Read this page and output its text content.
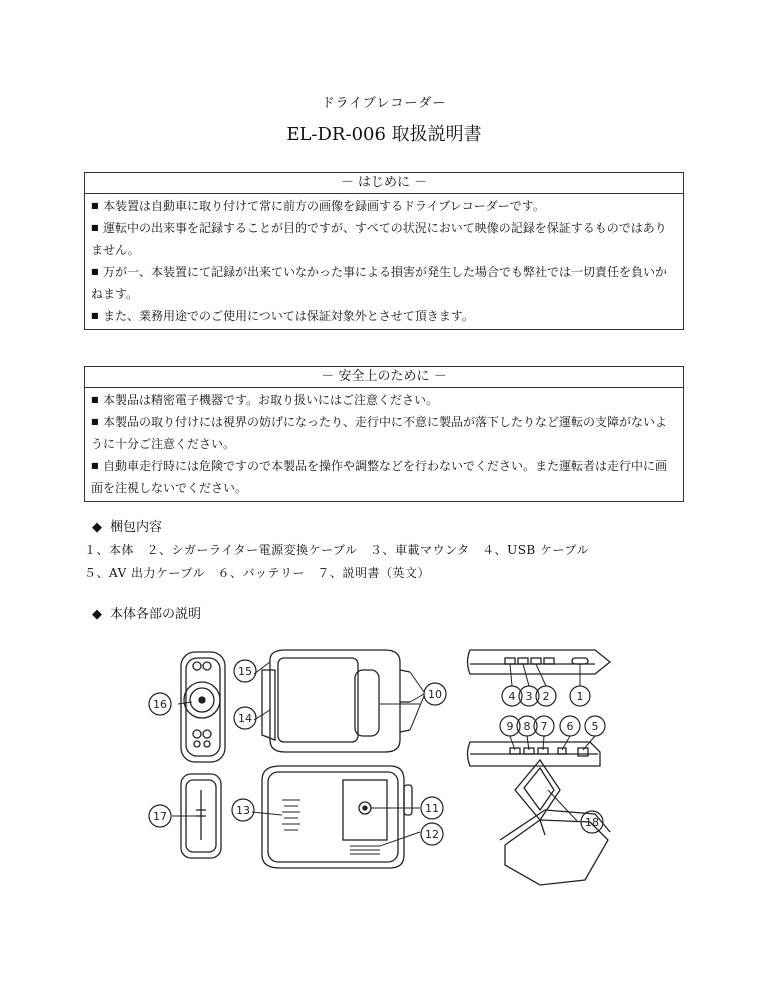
ドライブレコーダー
EL-DR-006 取扱説明書
－ はじめに －

■ 本装置は自動車に取り付けて常に前方の画像を録画するドライブレコーダーです。

■ 運転中の出来事を記録することが目的ですが、すべての状況において映像の記録を保証するものではありません。

■ 万が一、本装置にて記録が出来ていなかった事による損害が発生した場合でも弊社では一切責任を負いかねます。

■ また、業務用途でのご使用については保証対象外とさせて頂きます。

－ 安全上のために －

■ 本製品は精密電子機器です。お取り扱いにはご注意ください。

■ 本製品の取り付けには視界の妨げになったり、走行中に不意に製品が落下したりなど運転の支障がないように十分ご注意ください。

■ 自動車走行時には危険ですので本製品を操作や調整などを行わないでください。また運転者は走行中に画面を注視しないでください。

◆ 梱包内容
１、本体　２、シガーライター電源変換ケーブル　３、車載マウンタ　４、USB ケーブル
５、AV 出力ケーブル　６、バッテリー　７、説明書（英文）
◆ 本体各部の説明
16
15
14
10	4 3 2 1
9 8 7 6 5
17	13	11
12
18
